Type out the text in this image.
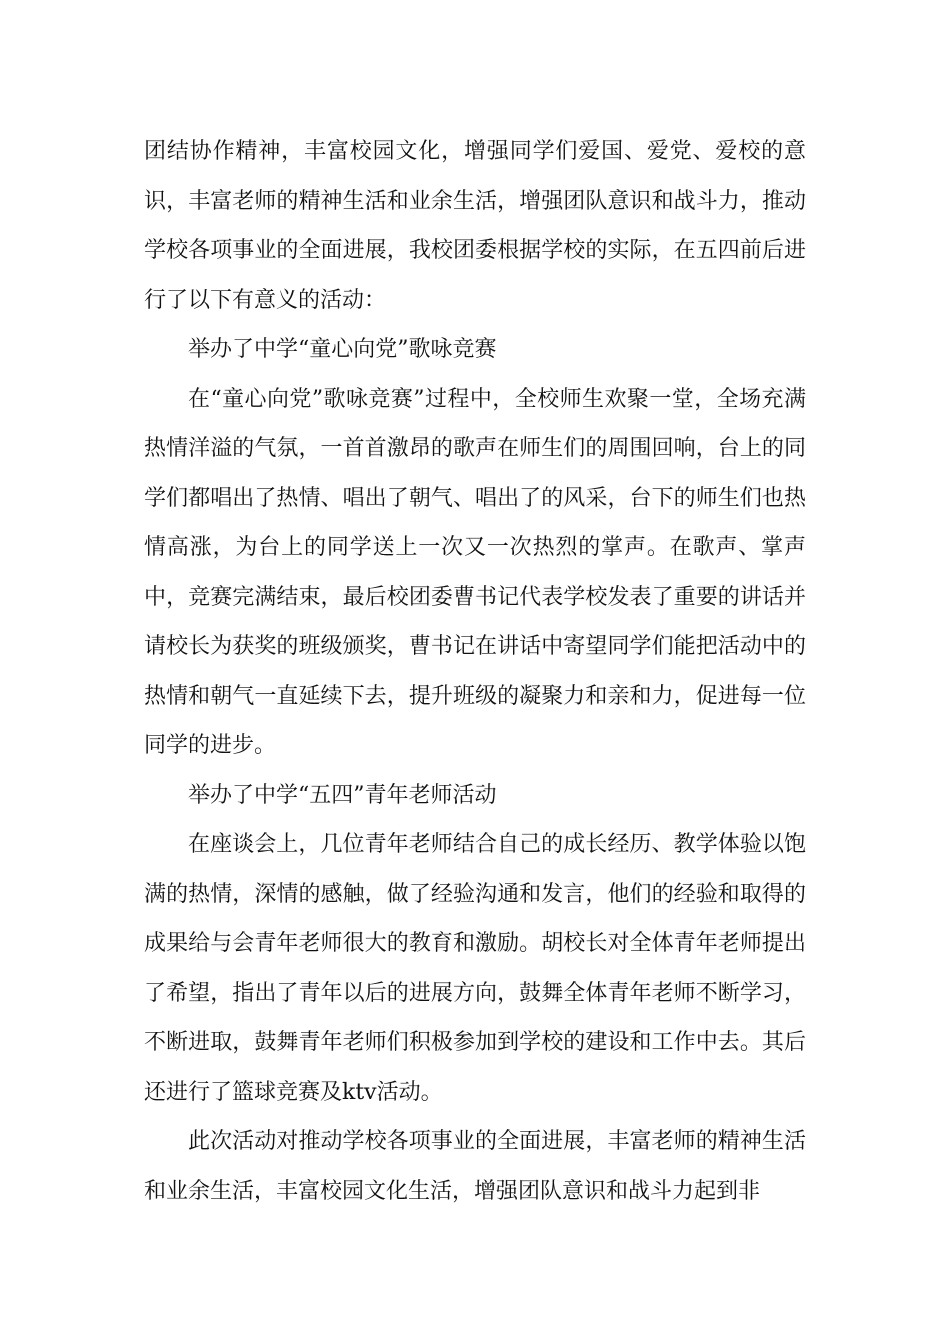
团结协作精神，丰富校园文化，增强同学们爱国、爱党、爱校的意识，丰富老师的精神生活和业余生活，增强团队意识和战斗力，推动学校各项事业的全面进展，我校团委根据学校的实际，在五四前后进行了以下有意义的活动：

举办了中学“童心向党”歌咏竞赛

在“童心向党”歌咏竞赛”过程中，全校师生欢聚一堂，全场充满热情洋溢的气氛，一首首激昂的歌声在师生们的周围回响，台上的同学们都唱出了热情、唱出了朝气、唱出了的风采，台下的师生们也热情高涨，为台上的同学送上一次又一次热烈的掌声。在歌声、掌声中，竞赛完满结束，最后校团委曹书记代表学校发表了重要的讲话并请校长为获奖的班级颁奖，曹书记在讲话中寄望同学们能把活动中的热情和朝气一直延续下去，提升班级的凝聚力和亲和力，促进每一位同学的进步。

举办了中学“五四”青年老师活动

在座谈会上，几位青年老师结合自己的成长经历、教学体验以饱满的热情，深情的感触，做了经验沟通和发言，他们的经验和取得的成果给与会青年老师很大的教育和激励。胡校长对全体青年老师提出了希望，指出了青年以后的进展方向，鼓舞全体青年老师不断学习，不断进取，鼓舞青年老师们积极参加到学校的建设和工作中去。其后还进行了篮球竞赛及ktv活动。

此次活动对推动学校各项事业的全面进展，丰富老师的精神生活和业余生活，丰富校园文化生活，增强团队意识和战斗力起到非
